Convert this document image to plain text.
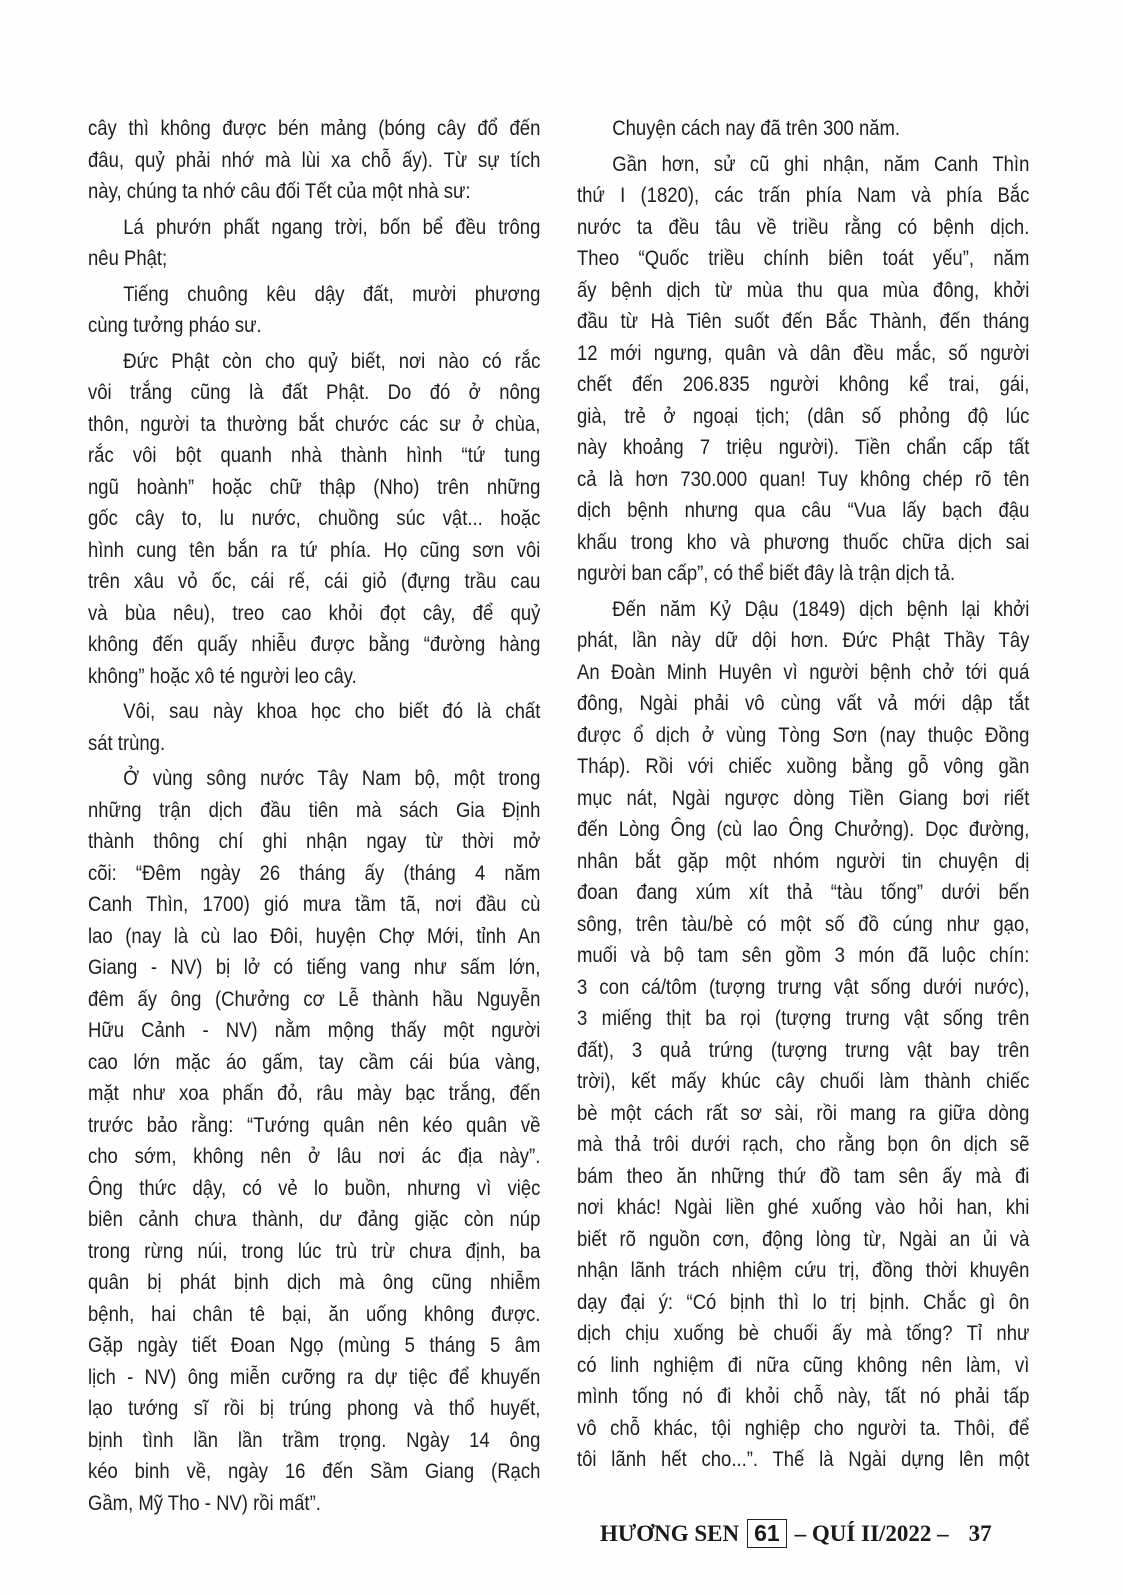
cây thì không được bén mảng (bóng cây đổ đến
đâu, quỷ phải nhớ mà lùi xa chỗ ấy). Từ sự tích
này, chúng ta nhớ câu đối Tết của một nhà sư:
Lá phướn phất ngang trời, bốn bể đều trông
nêu Phật;
Tiếng chuông kêu dậy đất, mười phương
cùng tưởng pháo sư.
Đức Phật còn cho quỷ biết, nơi nào có rắc
vôi trắng cũng là đất Phật. Do đó ở nông
thôn, người ta thường bắt chước các sư ở chùa,
rắc vôi bột quanh nhà thành hình “tứ tung
ngũ hoành” hoặc chữ thập (Nho) trên những
gốc cây to, lu nước, chuồng súc vật... hoặc
hình cung tên bắn ra tứ phía. Họ cũng sơn vôi
trên xâu vỏ ốc, cái rế, cái giỏ (đựng trầu cau
và bùa nêu), treo cao khỏi đọt cây, để quỷ
không đến quấy nhiễu được bằng “đường hàng
không” hoặc xô té người leo cây.
Vôi, sau này khoa học cho biết đó là chất
sát trùng.
Ở vùng sông nước Tây Nam bộ, một trong
những trận dịch đầu tiên mà sách Gia Định
thành thông chí ghi nhận ngay từ thời mở
cõi: “Đêm ngày 26 tháng ấy (tháng 4 năm
Canh Thìn, 1700) gió mưa tầm tã, nơi đầu cù
lao (nay là cù lao Đôi, huyện Chợ Mới, tỉnh An
Giang - NV) bị lở có tiếng vang như sấm lớn,
đêm ấy ông (Chưởng cơ Lễ thành hầu Nguyễn
Hữu Cảnh - NV) nằm mộng thấy một người
cao lớn mặc áo gấm, tay cầm cái búa vàng,
mặt như xoa phấn đỏ, râu mày bạc trắng, đến
trước bảo rằng: “Tướng quân nên kéo quân về
cho sớm, không nên ở lâu nơi ác địa này”.
Ông thức dậy, có vẻ lo buồn, nhưng vì việc
biên cảnh chưa thành, dư đảng giặc còn núp
trong rừng núi, trong lúc trù trừ chưa định, ba
quân bị phát bịnh dịch mà ông cũng nhiễm
bệnh, hai chân tê bại, ăn uống không được.
Gặp ngày tiết Đoan Ngọ (mùng 5 tháng 5 âm
lịch - NV) ông miễn cưỡng ra dự tiệc để khuyến
lạo tướng sĩ rồi bị trúng phong và thổ huyết,
bịnh tình lần lần trầm trọng. Ngày 14 ông
kéo binh về, ngày 16 đến Sầm Giang (Rạch
Gầm, Mỹ Tho - NV) rồi mất”.
Chuyện cách nay đã trên 300 năm.
Gần hơn, sử cũ ghi nhận, năm Canh Thìn
thứ I (1820), các trấn phía Nam và phía Bắc
nước ta đều tâu về triều rằng có bệnh dịch.
Theo “Quốc triều chính biên toát yếu”, năm
ấy bệnh dịch từ mùa thu qua mùa đông, khởi
đầu từ Hà Tiên suốt đến Bắc Thành, đến tháng
12 mới ngưng, quân và dân đều mắc, số người
chết đến 206.835 người không kể trai, gái,
già, trẻ ở ngoại tịch; (dân số phỏng độ lúc
này khoảng 7 triệu người). Tiền chẩn cấp tất
cả là hơn 730.000 quan! Tuy không chép rõ tên
dịch bệnh nhưng qua câu “Vua lấy bạch đậu
khấu trong kho và phương thuốc chữa dịch sai
người ban cấp”, có thể biết đây là trận dịch tả.
Đến năm Kỷ Dậu (1849) dịch bệnh lại khởi
phát, lần này dữ dội hơn. Đức Phật Thầy Tây
An Đoàn Minh Huyên vì người bệnh chở tới quá
đông, Ngài phải vô cùng vất vả mới dập tắt
được ổ dịch ở vùng Tòng Sơn (nay thuộc Đồng
Tháp). Rồi với chiếc xuồng bằng gỗ vông gần
mục nát, Ngài ngược dòng Tiền Giang bơi riết
đến Lòng Ông (cù lao Ông Chưởng). Dọc đường,
nhân bắt gặp một nhóm người tin chuyện dị
đoan đang xúm xít thả “tàu tống” dưới bến
sông, trên tàu/bè có một số đồ cúng như gạo,
muối và bộ tam sên gồm 3 món đã luộc chín:
3 con cá/tôm (tượng trưng vật sống dưới nước),
3 miếng thịt ba rọi (tượng trưng vật sống trên
đất), 3 quả trứng (tượng trưng vật bay trên
trời), kết mấy khúc cây chuối làm thành chiếc
bè một cách rất sơ sài, rồi mang ra giữa dòng
mà thả trôi dưới rạch, cho rằng bọn ôn dịch sẽ
bám theo ăn những thứ đồ tam sên ấy mà đi
nơi khác! Ngài liền ghé xuống vào hỏi han, khi
biết rõ nguồn cơn, động lòng từ, Ngài an ủi và
nhận lãnh trách nhiệm cứu trị, đồng thời khuyên
dạy đại ý: “Có bịnh thì lo trị bịnh. Chắc gì ôn
dịch chịu xuống bè chuối ấy mà tống? Tỉ như
có linh nghiệm đi nữa cũng không nên làm, vì
mình tống nó đi khỏi chỗ này, tất nó phải tấp
vô chỗ khác, tội nghiệp cho người ta. Thôi, để
tôi lãnh hết cho...”. Thế là Ngài dựng lên một
HƯƠNG SEN 61 – QUÍ II/2022 – 37
